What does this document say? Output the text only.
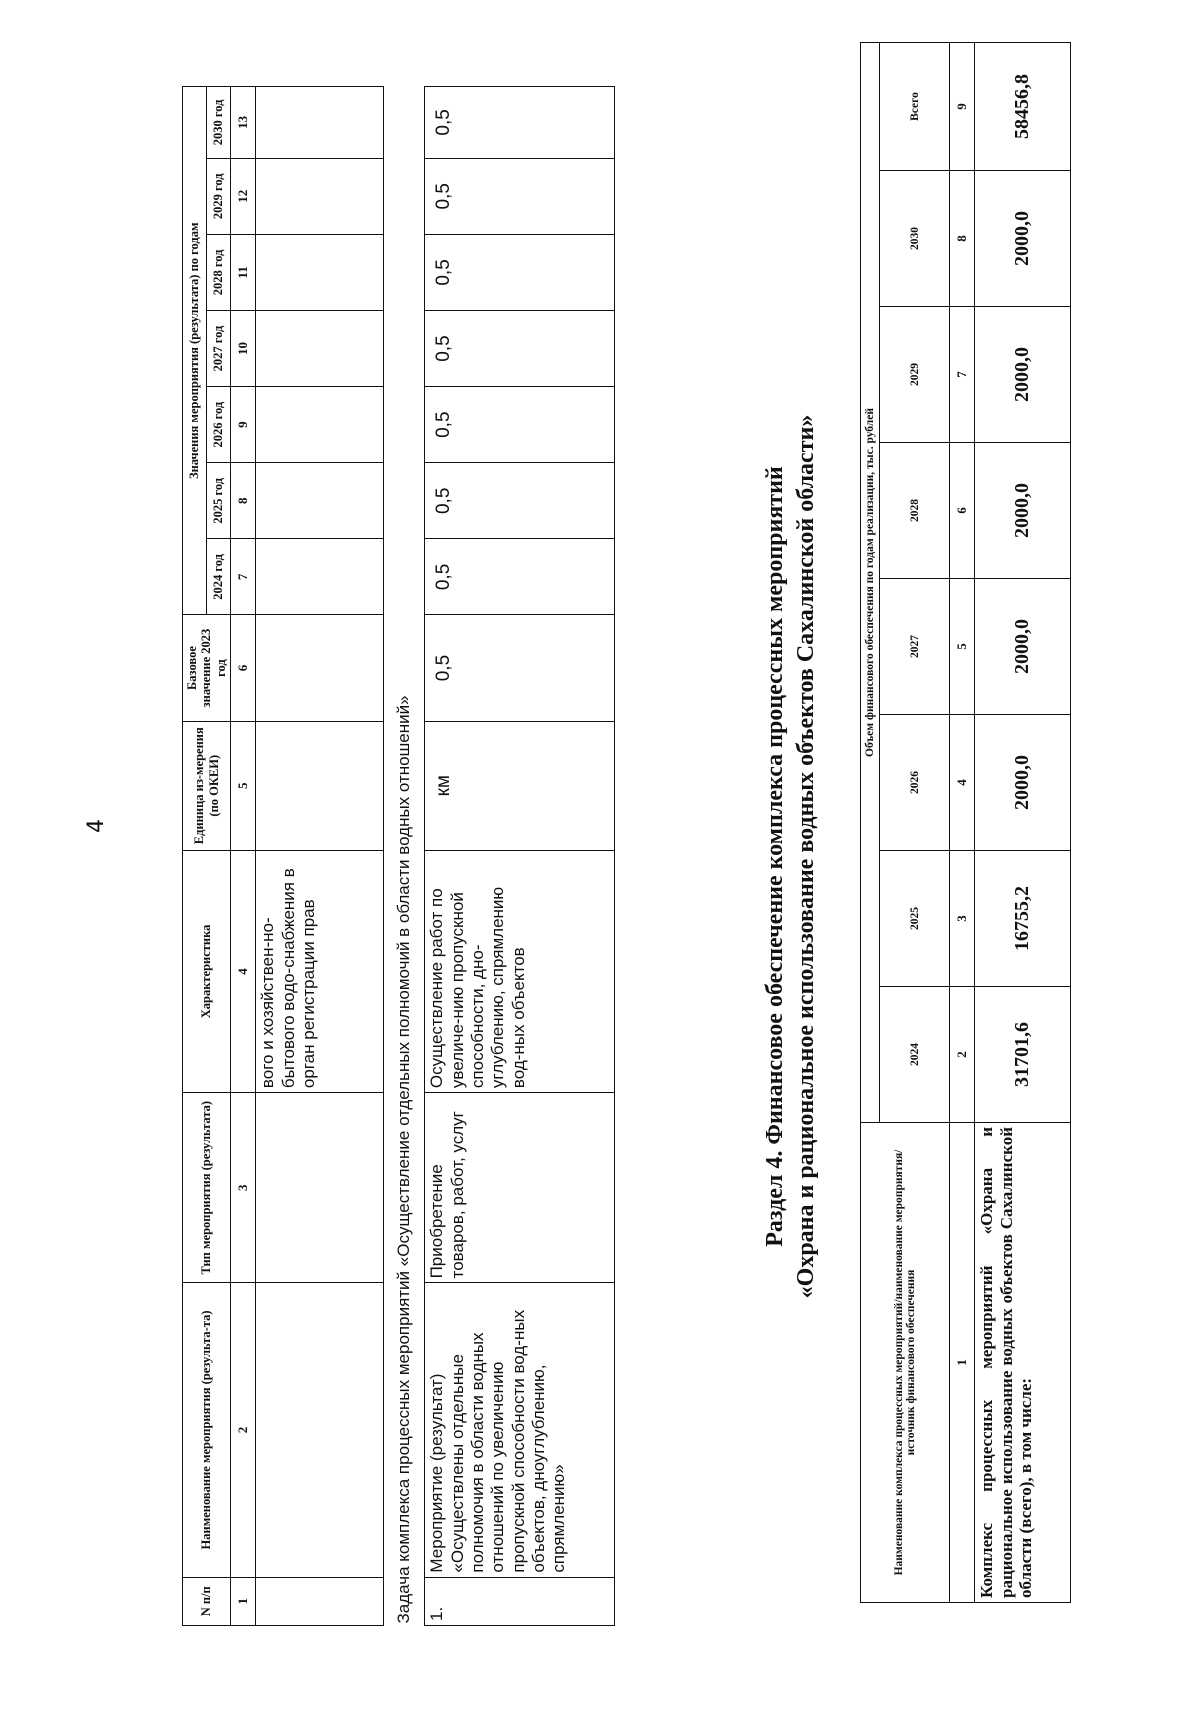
4
N п/п	Наименование мероприятия (результа-та)	Тип мероприятия (результата)	Характеристика	Единица из-мерения (по ОКЕИ)	Базовое значение 2023 год	Значения мероприятия (результата) по годам						
						2024 год	2025 год	2026 год	2027 год	2028 год	2029 год	2030 год
1	2	3	4	5	6	7	8	9	10	11	12	13
			вого и хозяйствен-но-бытового водо-снабжения в орган регистрации прав									
Задача комплекса процессных мероприятий «Осуществление отдельных полномочий в области водных отношений»												
1.	Мероприятие (результат) «Осуществлены отдельные полномочия в области водных отношений по увеличению пропускной способности вод-ных объектов, дноуглублению, спрямлению»	Приобретение товаров, работ, услуг	Осуществление работ по увеличе-нию пропускной способности, дно-углублению, спрямлению вод-ных объектов	км	0,5	0,5	0,5	0,5	0,5	0,5	0,5	0,5
Раздел 4. Финансовое обеспечение комплекса процессных мероприятий «Охрана и рациональное использование водных объектов Сахалинской области»
Наименование комплекса процессных мероприятий/наименование мероприятия/источник финансового обеспечения	Объем финансового обеспечения по годам реализации, тыс. рублей							
	2024	2025	2026	2027	2028	2029	2030	Всего
1	2	3	4	5	6	7	8	9
Комплекс процессных мероприятий «Охрана и рациональное использование водных объектов Сахалинской области (всего), в том числе:	31701,6	16755,2	2000,0	2000,0	2000,0	2000,0	2000,0	58456,8
